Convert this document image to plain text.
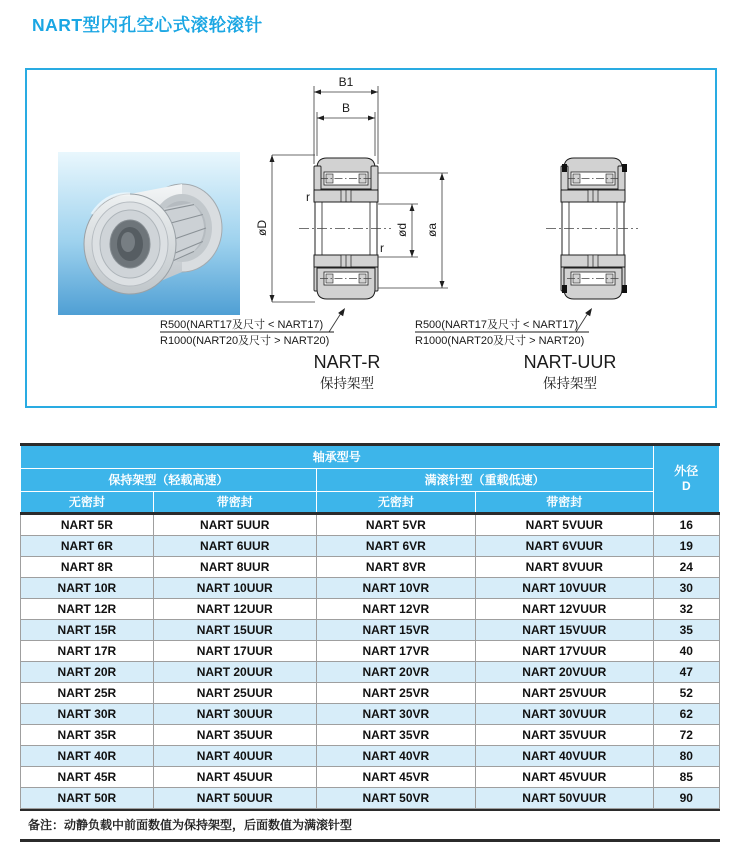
NART型内孔空心式滚轮滚针
B1
B
øD	ød øa
r
r
R500(NART17及尺寸 < NART17)
R1000(NART20及尺寸 > NART20)
NART-R
保持架型
R500(NART17及尺寸 < NART17)
R1000(NART20及尺寸 > NART20)
NART-UUR
保持架型
轴承型号				外径
D

保持架型（轻载高速）		满滚针型（重载低速）		
无密封	带密封	无密封	带密封	
NART 5R	NART 5UUR	NART 5VR	NART 5VUUR	16
NART 6R	NART 6UUR	NART 6VR	NART 6VUUR	19
NART 8R	NART 8UUR	NART 8VR	NART 8VUUR	24
NART 10R	NART 10UUR	NART 10VR	NART 10VUUR	30
NART 12R	NART 12UUR	NART 12VR	NART 12VUUR	32
NART 15R	NART 15UUR	NART 15VR	NART 15VUUR	35
NART 17R	NART 17UUR	NART 17VR	NART 17VUUR	40
NART 20R	NART 20UUR	NART 20VR	NART 20VUUR	47
NART 25R	NART 25UUR	NART 25VR	NART 25VUUR	52
NART 30R	NART 30UUR	NART 30VR	NART 30VUUR	62
NART 35R	NART 35UUR	NART 35VR	NART 35VUUR	72
NART 40R	NART 40UUR	NART 40VR	NART 40VUUR	80
NART 45R	NART 45UUR	NART 45VR	NART 45VUUR	85
NART 50R	NART 50UUR	NART 50VR	NART 50VUUR	90
备注：动静负载中前面数值为保持架型，后面数值为满滚针型
